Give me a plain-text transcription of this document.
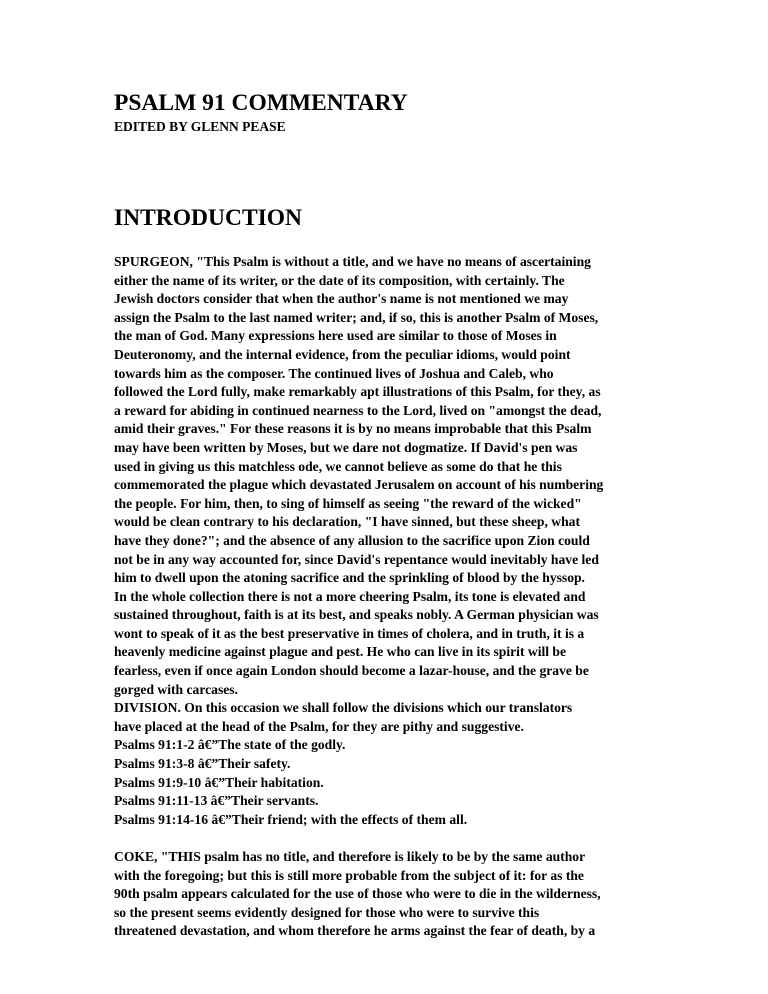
PSALM 91 COMMENTARY
EDITED BY GLENN PEASE
INTRODUCTION
SPURGEON, "This Psalm is without a title, and we have no means of ascertaining
either the name of its writer, or the date of its composition, with certainly. The
Jewish doctors consider that when the author's name is not mentioned we may
assign the Psalm to the last named writer; and, if so, this is another Psalm of Moses,
the man of God. Many expressions here used are similar to those of Moses in
Deuteronomy, and the internal evidence, from the peculiar idioms, would point
towards him as the composer. The continued lives of Joshua and Caleb, who
followed the Lord fully, make remarkably apt illustrations of this Psalm, for they, as
a reward for abiding in continued nearness to the Lord, lived on "amongst the dead,
amid their graves." For these reasons it is by no means improbable that this Psalm
may have been written by Moses, but we dare not dogmatize. If David's pen was
used in giving us this matchless ode, we cannot believe as some do that he this
commemorated the plague which devastated Jerusalem on account of his numbering
the people. For him, then, to sing of himself as seeing "the reward of the wicked"
would be clean contrary to his declaration, "I have sinned, but these sheep, what
have they done?"; and the absence of any allusion to the sacrifice upon Zion could
not be in any way accounted for, since David's repentance would inevitably have led
him to dwell upon the atoning sacrifice and the sprinkling of blood by the hyssop.
In the whole collection there is not a more cheering Psalm, its tone is elevated and
sustained throughout, faith is at its best, and speaks nobly. A German physician was
wont to speak of it as the best preservative in times of cholera, and in truth, it is a
heavenly medicine against plague and pest. He who can live in its spirit will be
fearless, even if once again London should become a lazar-house, and the grave be
gorged with carcases.
DIVISION. On this occasion we shall follow the divisions which our translators
have placed at the head of the Psalm, for they are pithy and suggestive.
Psalms 91:1-2 â€”The state of the godly.
Psalms 91:3-8 â€”Their safety.
Psalms 91:9-10 â€”Their habitation.
Psalms 91:11-13 â€”Their servants.
Psalms 91:14-16 â€”Their friend; with the effects of them all.
COKE, "THIS psalm has no title, and therefore is likely to be by the same author
with the foregoing; but this is still more probable from the subject of it: for as the
90th psalm appears calculated for the use of those who were to die in the wilderness,
so the present seems evidently designed for those who were to survive this
threatened devastation, and whom therefore he arms against the fear of death, by a
